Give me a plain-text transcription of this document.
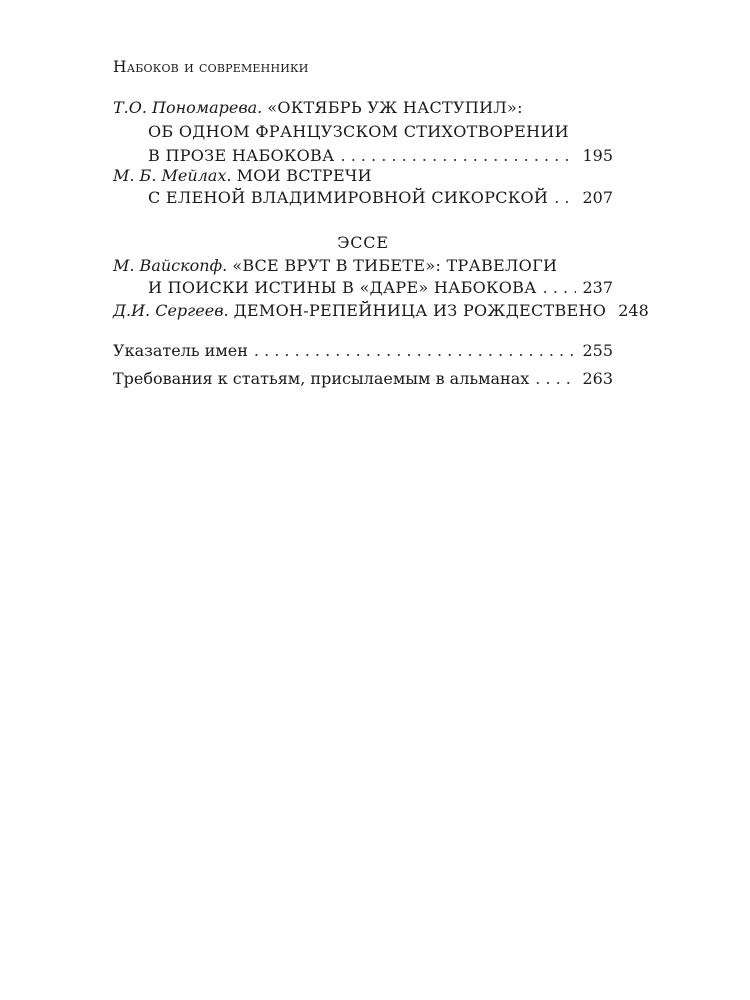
Набоков и современники
Т.О. Пономарева. «ОКТЯБРЬ УЖ НАСТУПИЛ»:
ОБ ОДНОМ ФРАНЦУЗСКОМ СТИХОТВОРЕНИИ
В ПРОЗЕ НАБОКОВА . . .	195
М. Б. Мейлах. МОИ ВСТРЕЧИ
С ЕЛЕНОЙ ВЛАДИМИРОВНОЙ СИКОРСКОЙ . . . 207
ЭССЕ
М. Вайскопф. «ВСЕ ВРУТ В ТИБЕТЕ»: ТРАВЕЛОГИ
И ПОИСКИ ИСТИНЫ В «ДАРЕ» НАБОКОВА . . .	237
Д.И. Сергеев. ДЕМОН-РЕПЕЙНИЦА ИЗ РОЖДЕСТВЕНО 248
Указатель имен . . .	255
Требования к статьям, присылаемым в альманах . . .	263
